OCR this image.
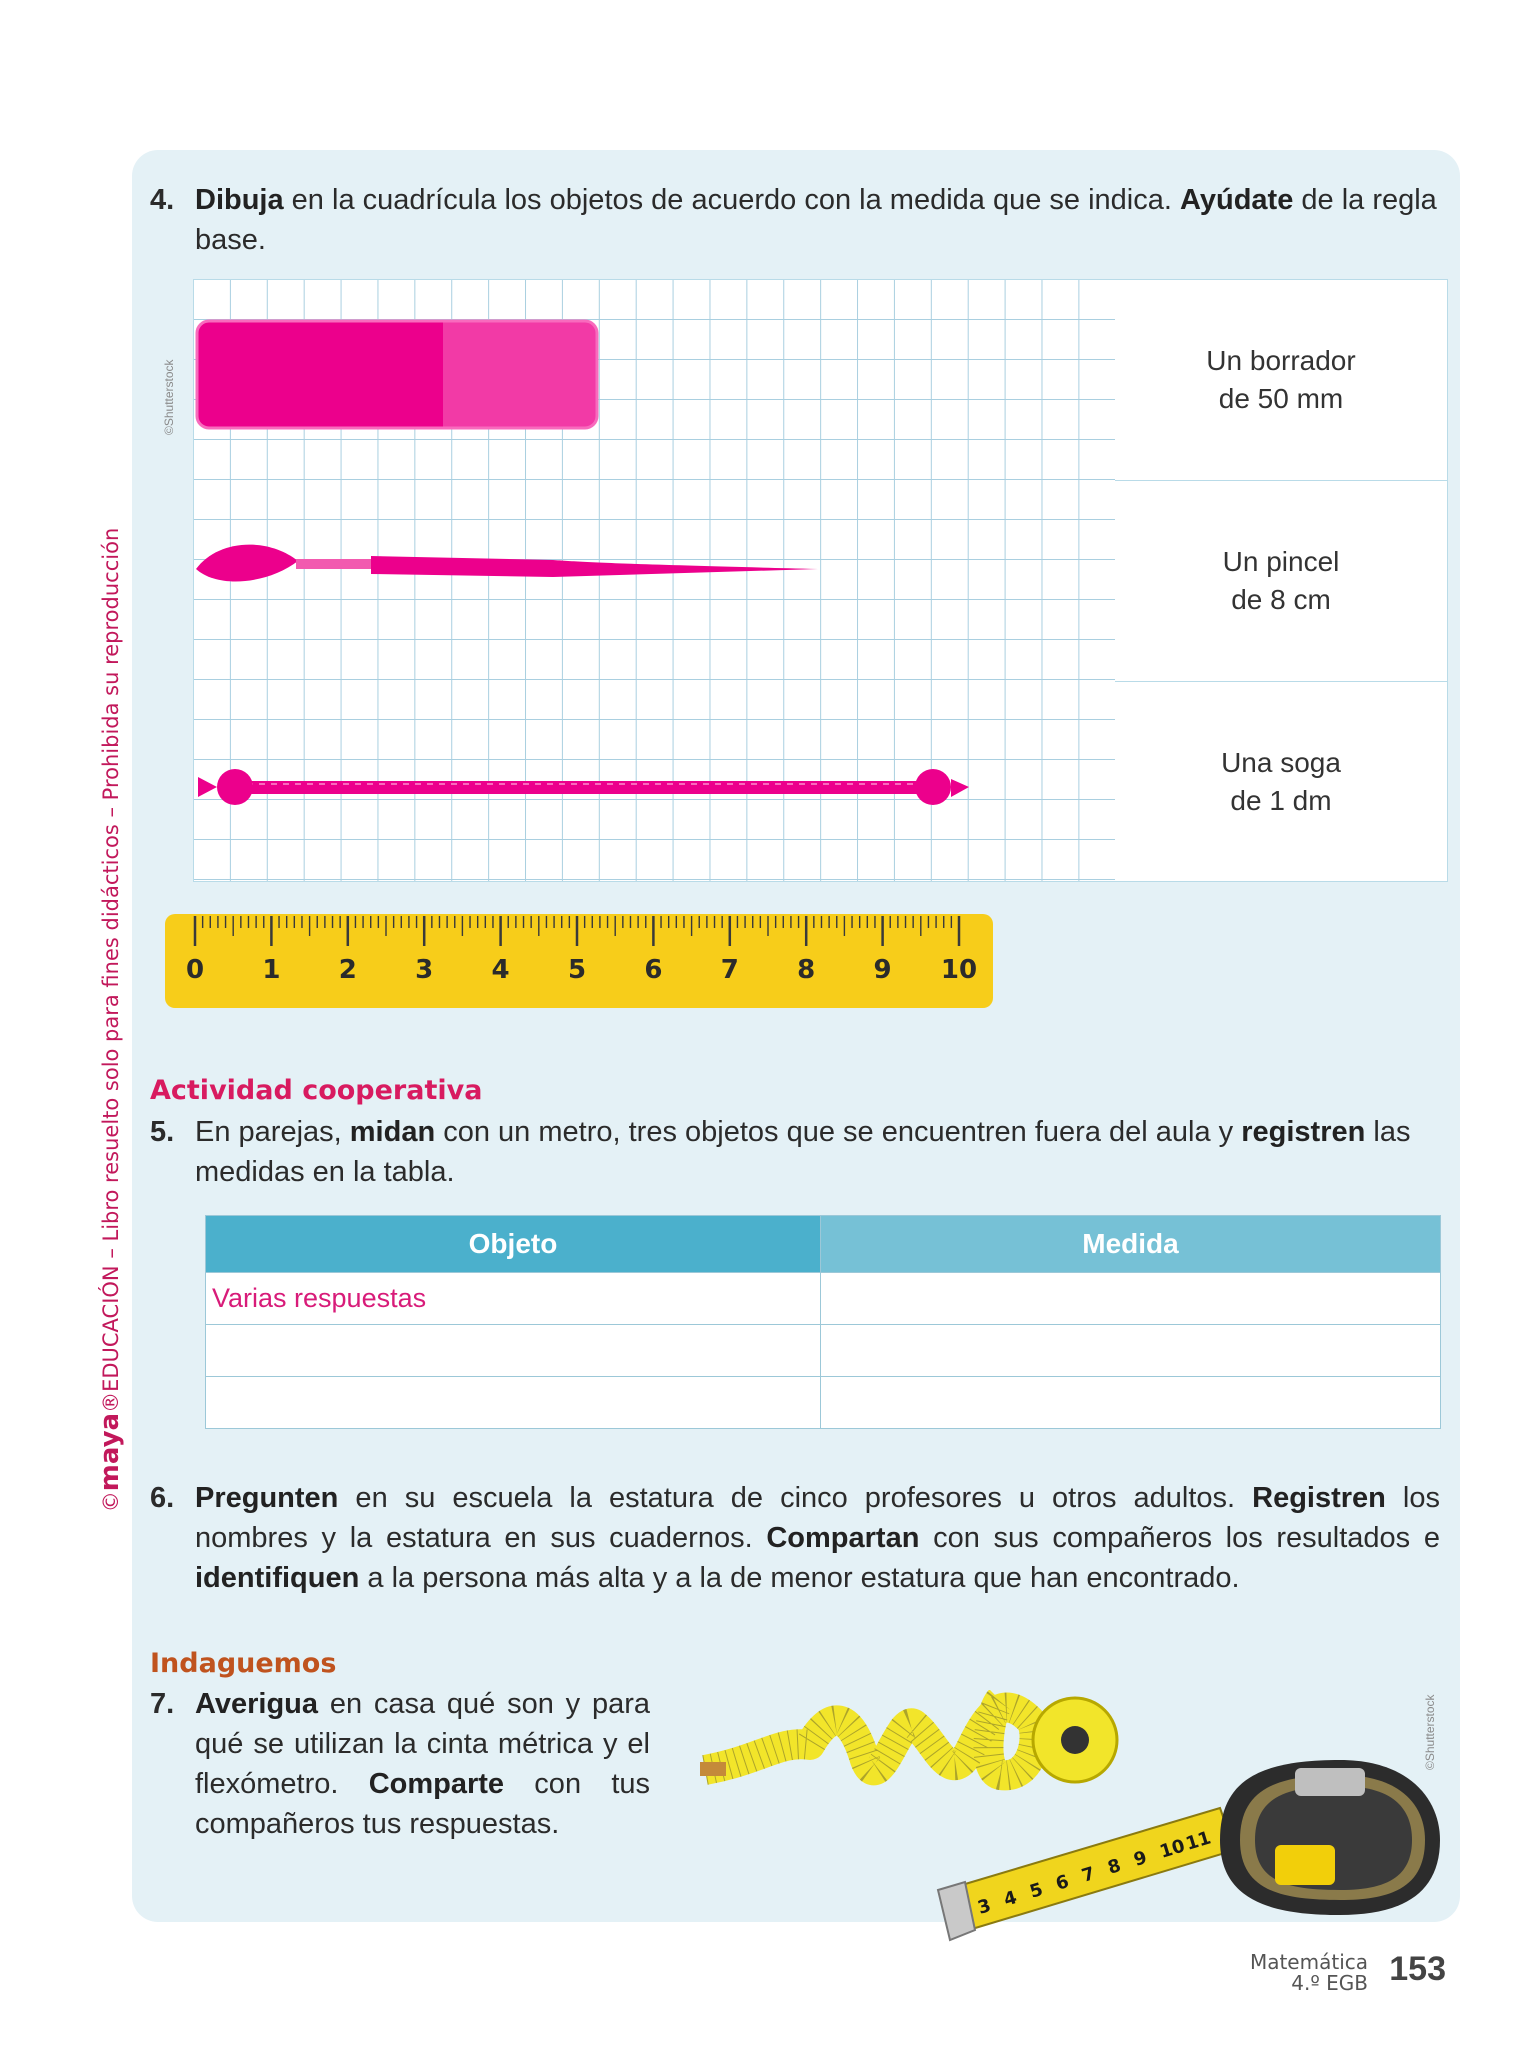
©maya®EDUCACIÓN – Libro resuelto solo para fines didácticos – Prohibida su reproducción
4. Dibuja en la cuadrícula los objetos de acuerdo con la medida que se indica. Ayúdate de la regla base.
©Shutterstock	Un borrador
de 50 mm
Un pincel
de 8 cm
Una soga
de 1 dm
0 1 2 3 4 5 6 7 8 9 10
Actividad cooperativa
5. En parejas, midan con un metro, tres objetos que se encuentren fuera del aula y registren las medidas en la tabla.
Objeto	Medida
Varias respuestas	

6. Pregunten en su escuela la estatura de cinco profesores u otros adultos. Registren los nombres y la estatura en sus cuadernos. Compartan con sus compañeros los resultados e identifiquen a la persona más alta y a la de menor estatura que han encontrado.
Indaguemos
7. Averigua en casa qué son y para qué se utilizan la cinta métrica y el flexómetro. Comparte con tus compañeros tus respuestas.
©Shutterstock
3 4 5 6 7 8 9 10
11
Matemática
4.º EGB 153
